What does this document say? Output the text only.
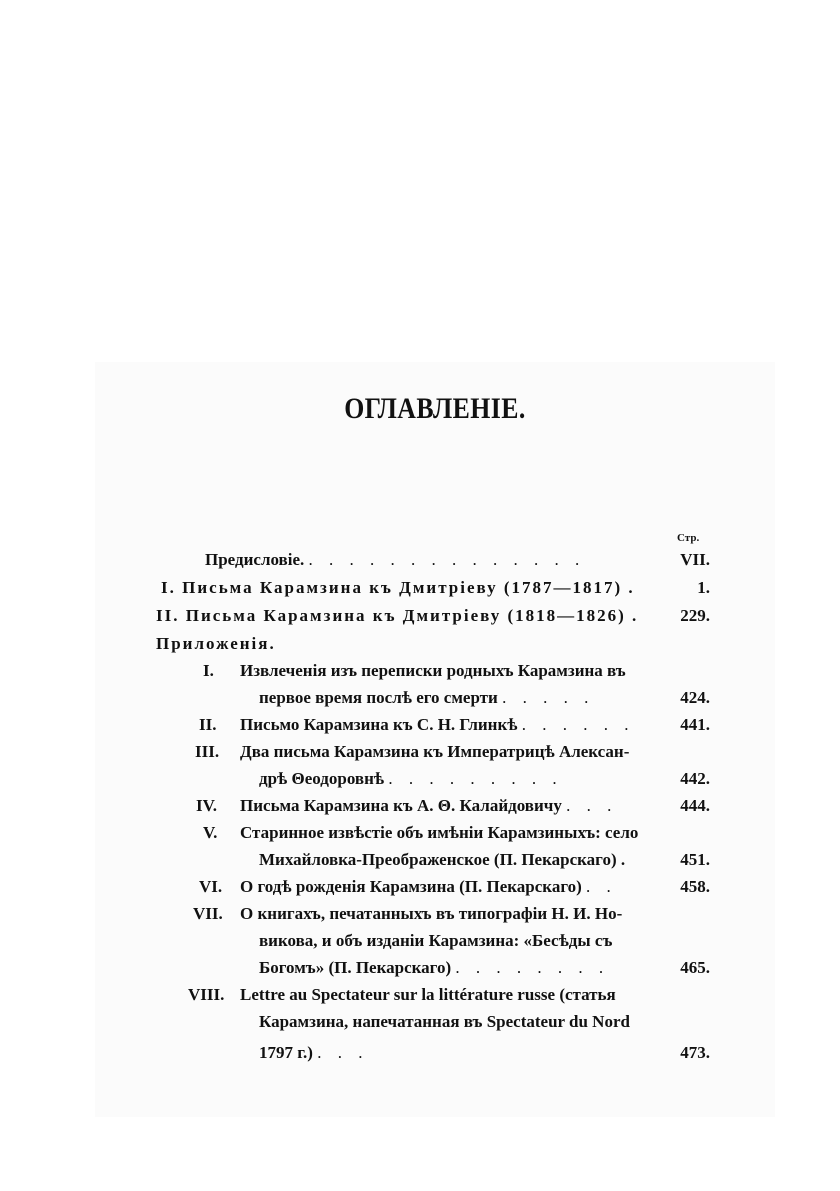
ОГЛАВЛЕНІЕ.
Стр.
Предисловіе. . . . . . . . . . . . . . .	VII.
I. Письма Карамзина къ Дмитріеву (1787—1817) .	1.
II. Письма Карамзина къ Дмитріеву (1818—1826) .	229.
Приложенія.
I. Извлеченія изъ переписки родныхъ Карамзина въ
первое время послѣ его смерти . . . . .	424.
II. Письмо Карамзина къ С. Н. Глинкѣ . . . . . .	441.
III. Два письма Карамзина къ Императрицѣ Алексан-
дрѣ Θеодоровнѣ . . . . . . . . .	442.
IV. Письма Карамзина къ А. Θ. Калайдовичу . . .	444.
V. Старинное извѣстіе объ имѣніи Карамзиныхъ: село
Михайловка-Преображенское (П. Пекарскаго) .	451.
VI. О годѣ рожденія Карамзина (П. Пекарскаго) . .	458.
VII. О книгахъ, печатанныхъ въ типографіи Н. И. Но-
викова, и объ изданіи Карамзина: «Бесѣды съ
Богомъ» (П. Пекарскаго) . . . . . . . .	465.
VIII. Lettre au Spectateur sur la littérature russe (статья
Карамзина, напечатанная въ Spectateur du Nord
1797 г.) . . .	473.
